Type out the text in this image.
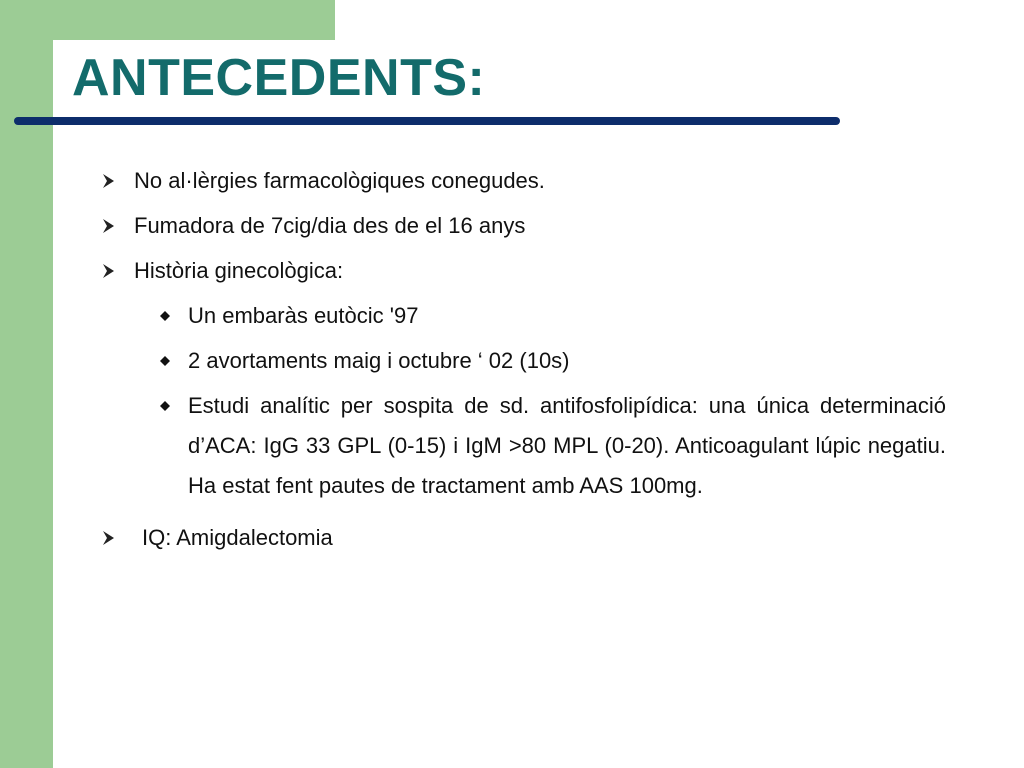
ANTECEDENTS:
No al·lèrgies farmacològiques conegudes.
Fumadora de 7cig/dia des de el 16 anys
Història ginecològica:
Un embaràs eutòcic '97
2 avortaments maig i octubre ‘ 02 (10s)
Estudi analític per sospita de sd. antifosfolipídica: una única determinació d’ACA: IgG 33 GPL (0-15) i IgM >80 MPL (0-20). Anticoagulant lúpic negatiu. Ha estat fent pautes de tractament amb AAS 100mg.
IQ: Amigdalectomia
